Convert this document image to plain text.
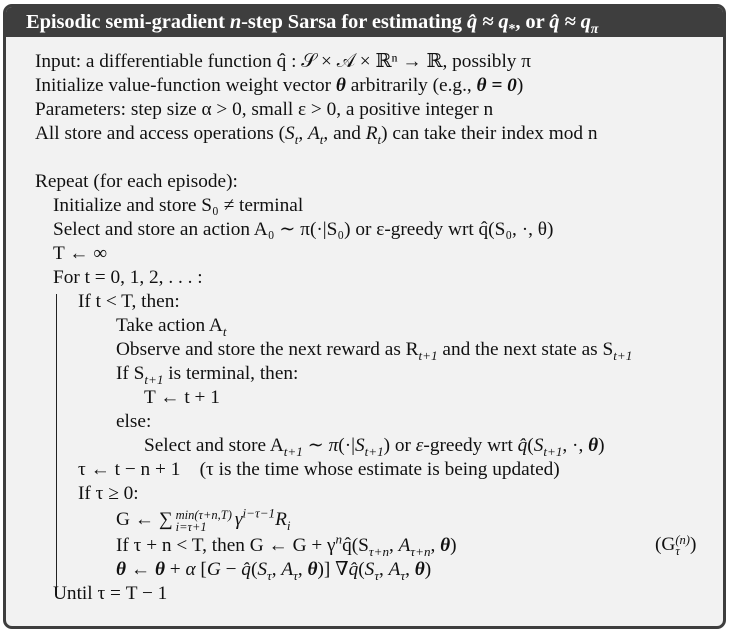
Episodic semi-gradient n-step Sarsa for estimating q̂ ≈ $q_*$, or q̂ ≈ $q_\pi$
Input: a differentiable function q̂ : 𝒮 × 𝒜 × ℝⁿ → ℝ, possibly π
Initialize value-function weight vector θ arbitrarily (e.g., θ = 0)
Parameters: step size α > 0, small ε > 0, a positive integer n
All store and access operations ($S_t$, $A_t$, and $R_t$) can take their index mod n
Repeat (for each episode):
Initialize and store S₀ ≠ terminal
Select and store an action A₀ ∼ π(·|S₀) or ε-greedy wrt q̂(S₀, ·, θ)
T ← ∞
For t = 0, 1, 2, . . . :
If t < T, then:
Take action $A_t$
Observe and store the next reward as $R_{t+1}$ and the next state as $S_{t+1}$
If $S_{t+1}$ is terminal, then:
T ← t + 1
else:
Select and store $A_{t+1}$ ∼ $\pi(\cdot|S_{t+1})$ or ε-greedy wrt $q̂(S_{t+1}$, ·, θ)
τ ← t − n + 1 (τ is the time whose estimate is being updated)
If τ ≥ 0:
G ← ∑ min(τ+n,T)
i=τ+1	$\gamma^{i-\tau-1}R_i$
If τ + n < T, then G ← $G + \gamma^nq̂(S_{\tau+n}$, $A_{\tau+n}$, θ)
θ ← θ + α [$G - q̂(S_\tau$, $A_\tau$, θ)] $\nabla q̂(S_\tau$, $A_\tau$, θ)
Until τ = T − 1
(G (n)
τ )
